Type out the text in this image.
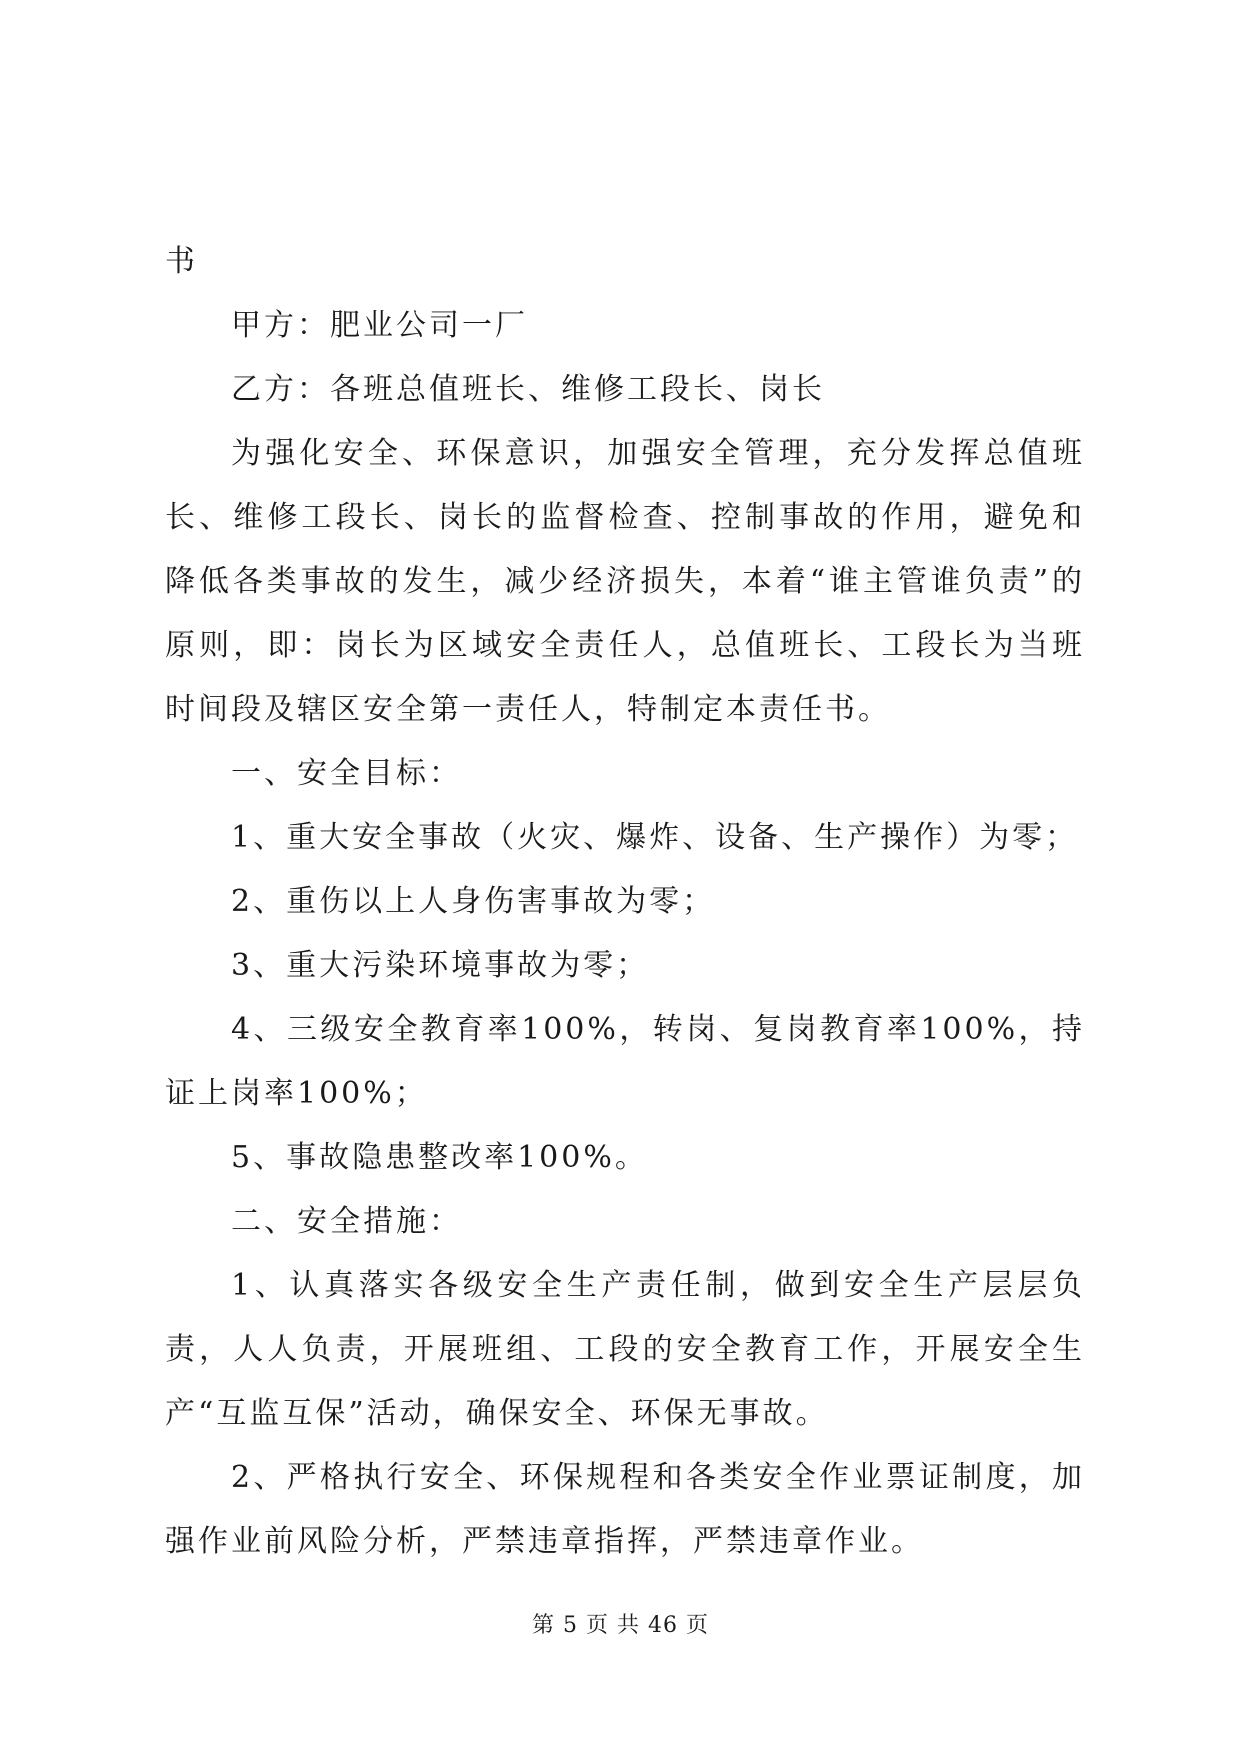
书

甲方：肥业公司一厂

乙方：各班总值班长、维修工段长、岗长

为强化安全、环保意识，加强安全管理，充分发挥总值班长、维修工段长、岗长的监督检查、控制事故的作用，避免和降低各类事故的发生，减少经济损失，本着“谁主管谁负责”的原则，即：岗长为区域安全责任人，总值班长、工段长为当班时间段及辖区安全第一责任人，特制定本责任书。

一、安全目标：

1、重大安全事故（火灾、爆炸、设备、生产操作）为零；

2、重伤以上人身伤害事故为零；

3、重大污染环境事故为零；

4、三级安全教育率100%，转岗、复岗教育率100%，持证上岗率100%；

5、事故隐患整改率100%。

二、安全措施：

1、认真落实各级安全生产责任制，做到安全生产层层负责，人人负责，开展班组、工段的安全教育工作，开展安全生产“互监互保”活动，确保安全、环保无事故。

2、严格执行安全、环保规程和各类安全作业票证制度，加强作业前风险分析，严禁违章指挥，严禁违章作业。

第 5 页 共 46 页
